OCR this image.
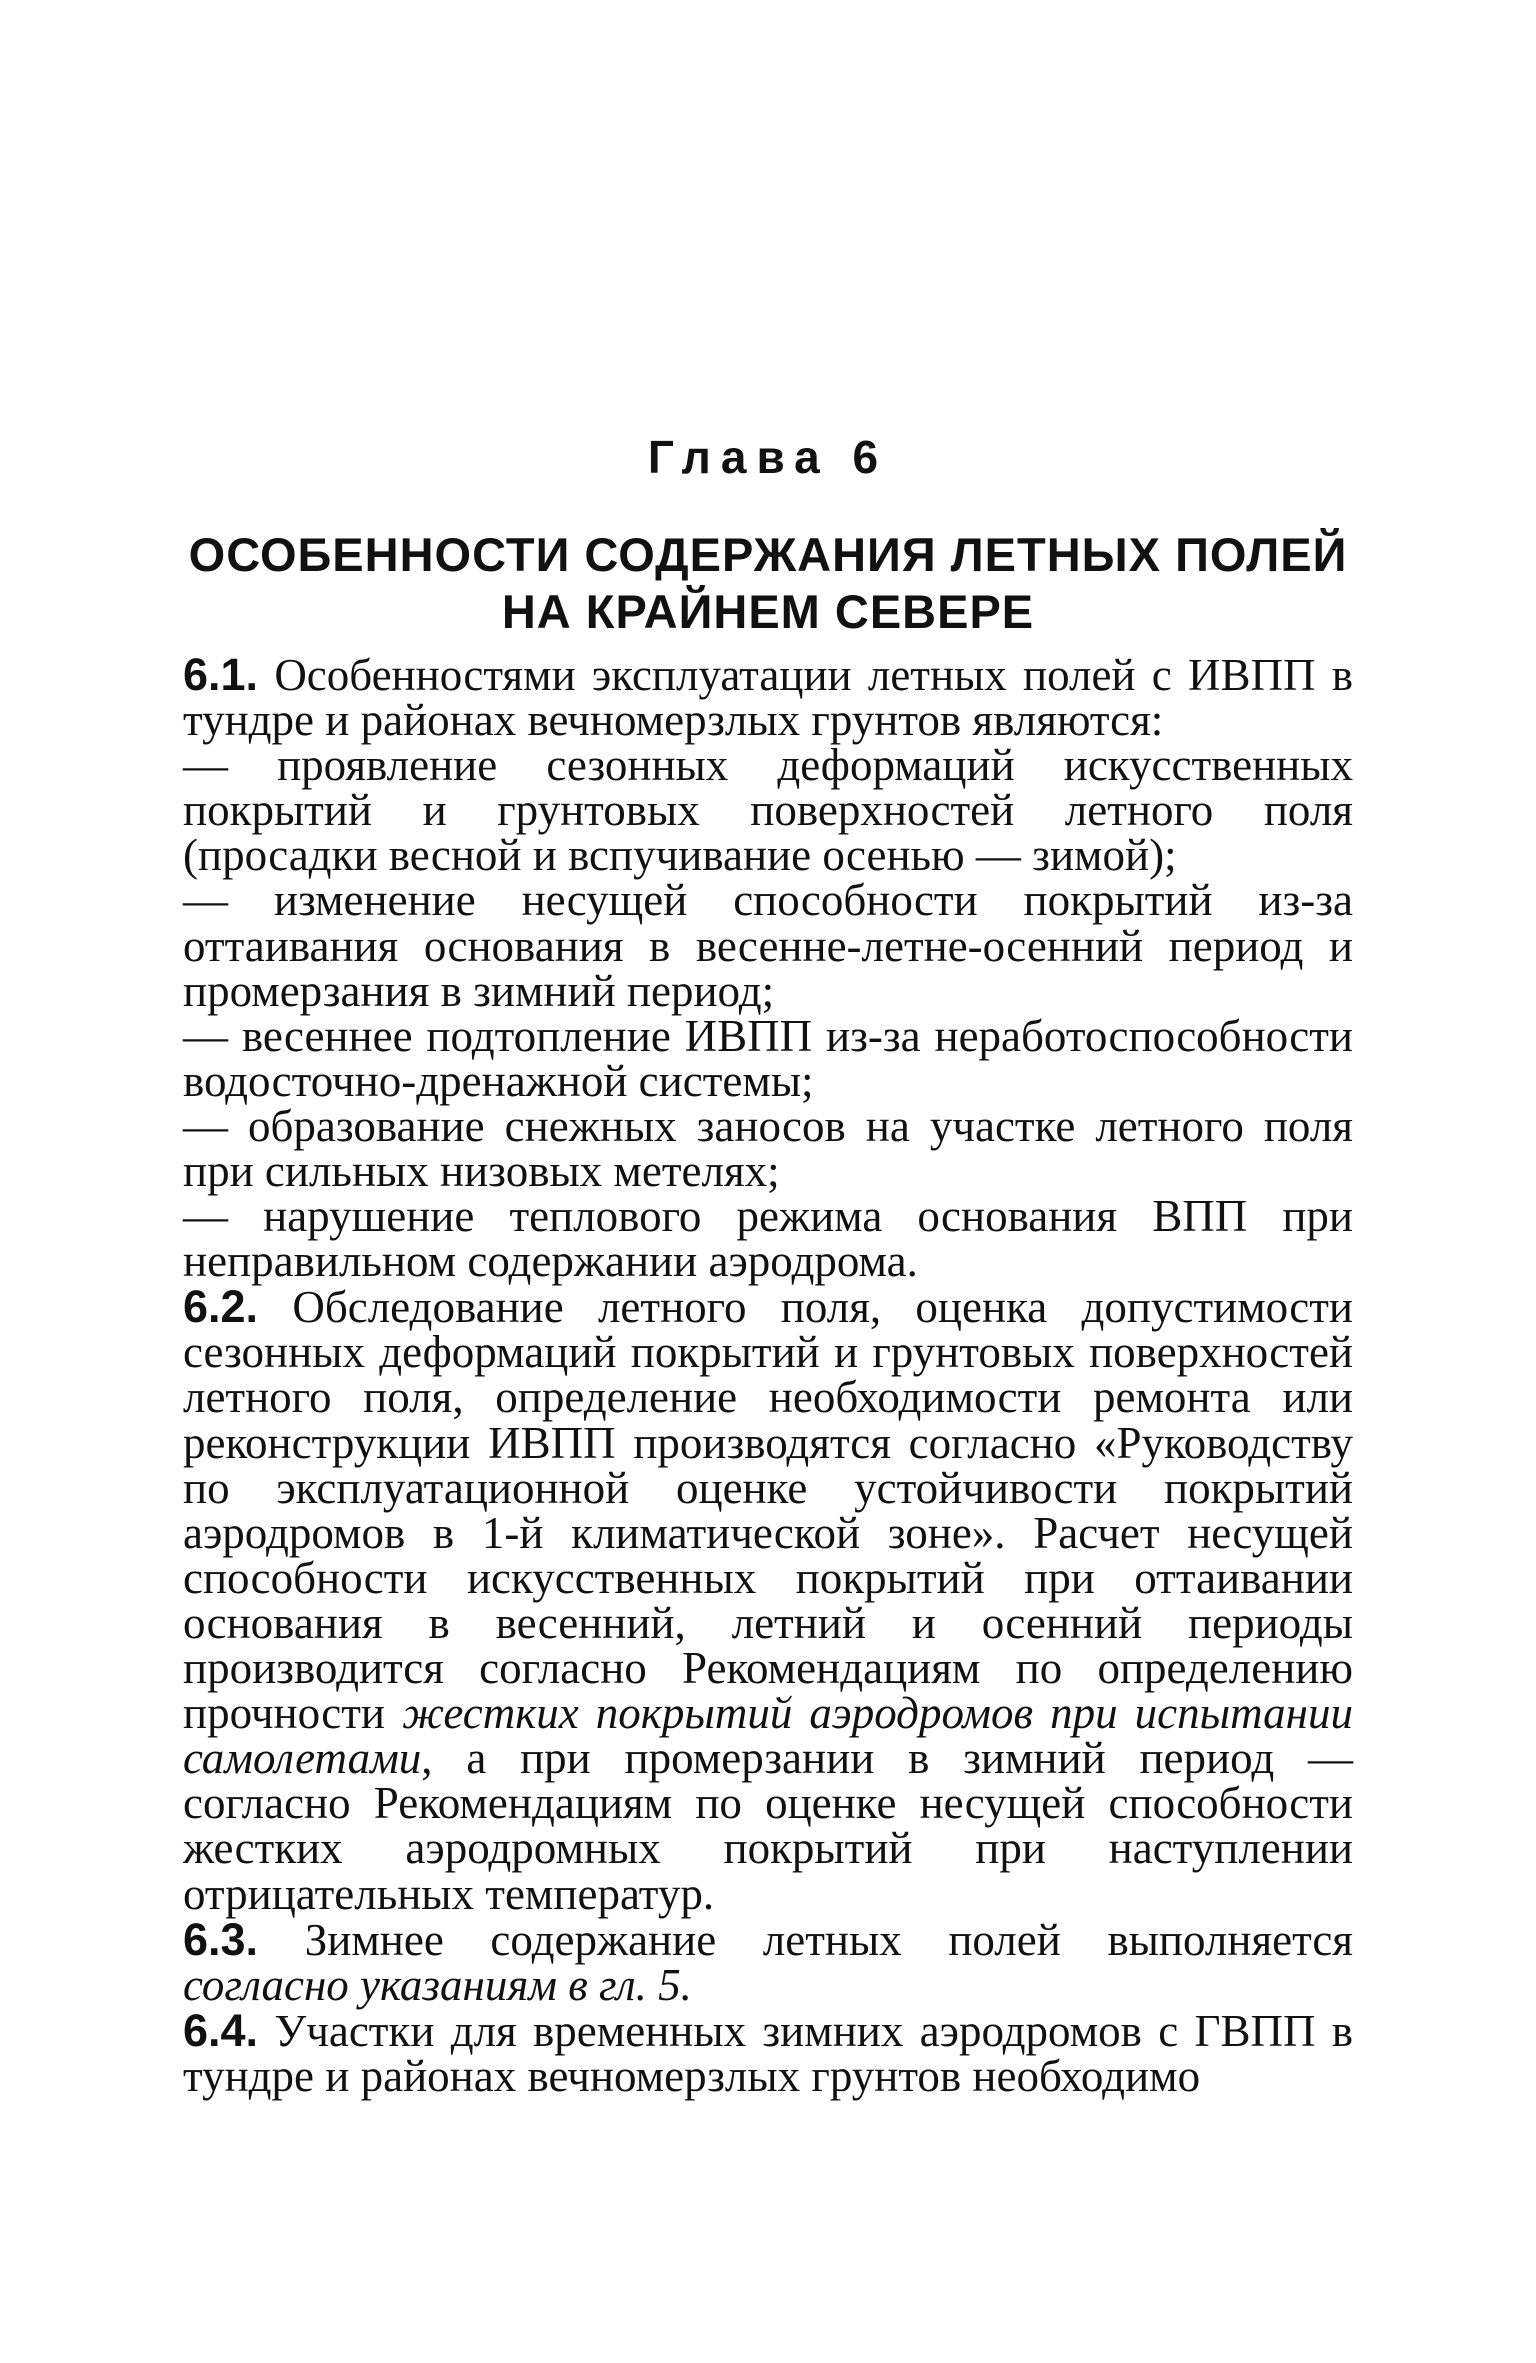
Глава 6
ОСОБЕННОСТИ СОДЕРЖАНИЯ ЛЕТНЫХ ПОЛЕЙ
НА КРАЙНЕМ СЕВЕРЕ

6.1. Особенностями эксплуатации летных полей с ИВПП в тундре и районах вечномерзлых грунтов являются:

— проявление сезонных деформаций искусственных покрытий и грунтовых поверхностей летного поля (просадки весной и вспучивание осенью — зимой);

— изменение несущей способности покрытий из-за оттаивания основания в весенне-летне-осенний период и промерзания в зимний период;

— весеннее подтопление ИВПП из-за неработоспособности водосточно-дренажной системы;

— образование снежных заносов на участке летного поля при сильных низовых метелях;

— нарушение теплового режима основания ВПП при неправильном содержании аэродрома.

6.2. Обследование летного поля, оценка допустимости сезонных деформаций покрытий и грунтовых поверхностей летного поля, определение необходимости ремонта или реконструкции ИВПП производятся согласно «Руководству по эксплуатационной оценке устойчивости покрытий аэродромов в 1-й климатической зоне». Расчет несущей способности искусственных покрытий при оттаивании основания в весенний, летний и осенний периоды производится согласно Рекомендациям по определению прочности жестких покрытий аэродромов при испытании самолетами, а при промерзании в зимний период — согласно Рекомендациям по оценке несущей способности жестких аэродромных покрытий при наступлении отрицательных температур.

6.3. Зимнее содержание летных полей выполняется согласно указаниям в гл. 5.

6.4. Участки для временных зимних аэродромов с ГВПП в тундре и районах вечномерзлых грунтов необходимо
